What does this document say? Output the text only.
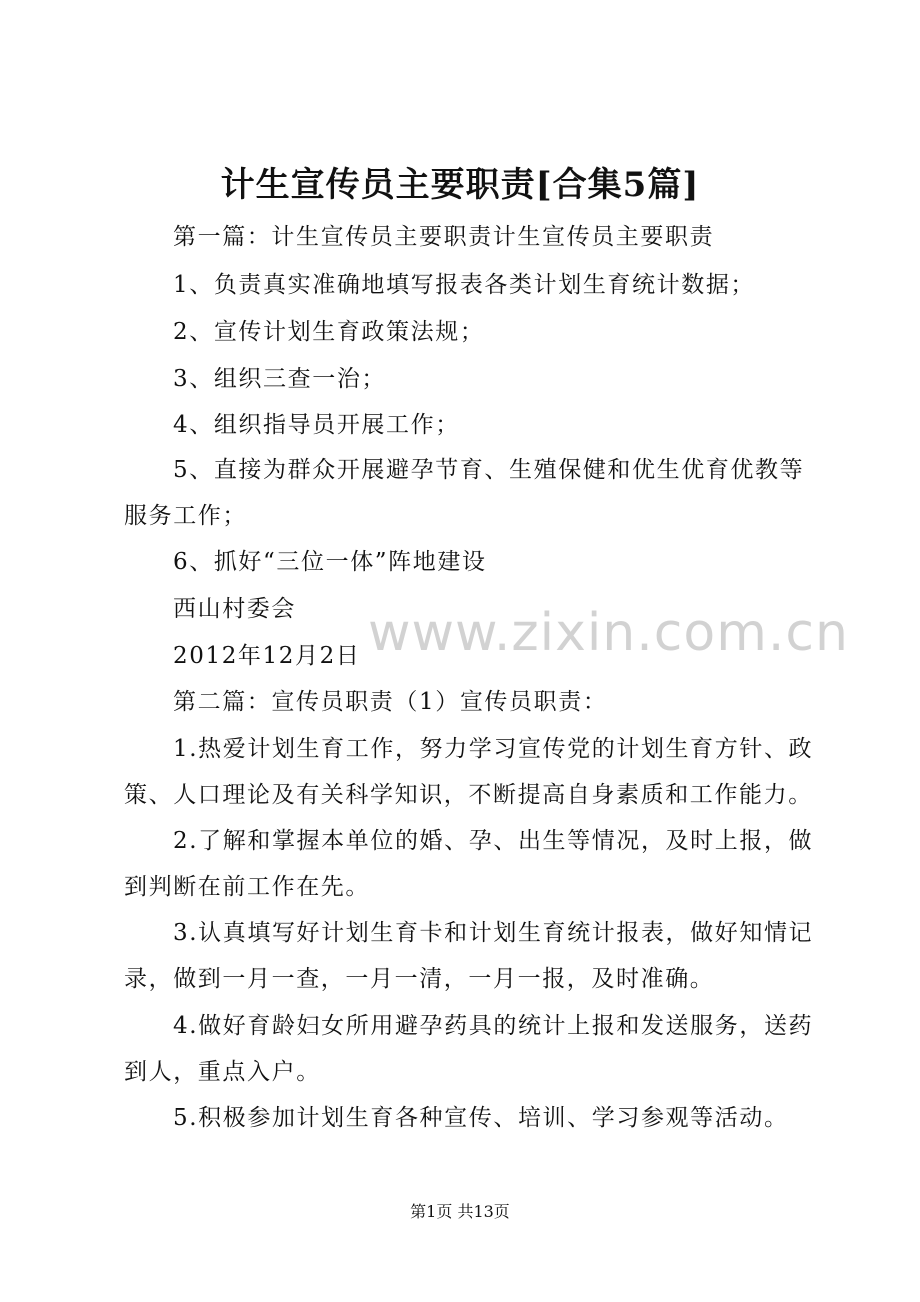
计生宣传员主要职责[合集5篇]
第一篇：计生宣传员主要职责计生宣传员主要职责
1、负责真实准确地填写报表各类计划生育统计数据；
2、宣传计划生育政策法规；
3、组织三查一治；
4、组织指导员开展工作；
5、直接为群众开展避孕节育、生殖保健和优生优育优教等
服务工作；
6、抓好“三位一体”阵地建设
西山村委会
2012年12月2日
第二篇：宣传员职责（1）宣传员职责：
1.热爱计划生育工作，努力学习宣传党的计划生育方针、政
策、人口理论及有关科学知识，不断提高自身素质和工作能力。
2.了解和掌握本单位的婚、孕、出生等情况，及时上报，做
到判断在前工作在先。
3.认真填写好计划生育卡和计划生育统计报表，做好知情记
录，做到一月一查，一月一清，一月一报，及时准确。
4.做好育龄妇女所用避孕药具的统计上报和发送服务，送药
到人，重点入户。
5.积极参加计划生育各种宣传、培训、学习参观等活动。
www.zixin.com.cn
第1页 共13页
